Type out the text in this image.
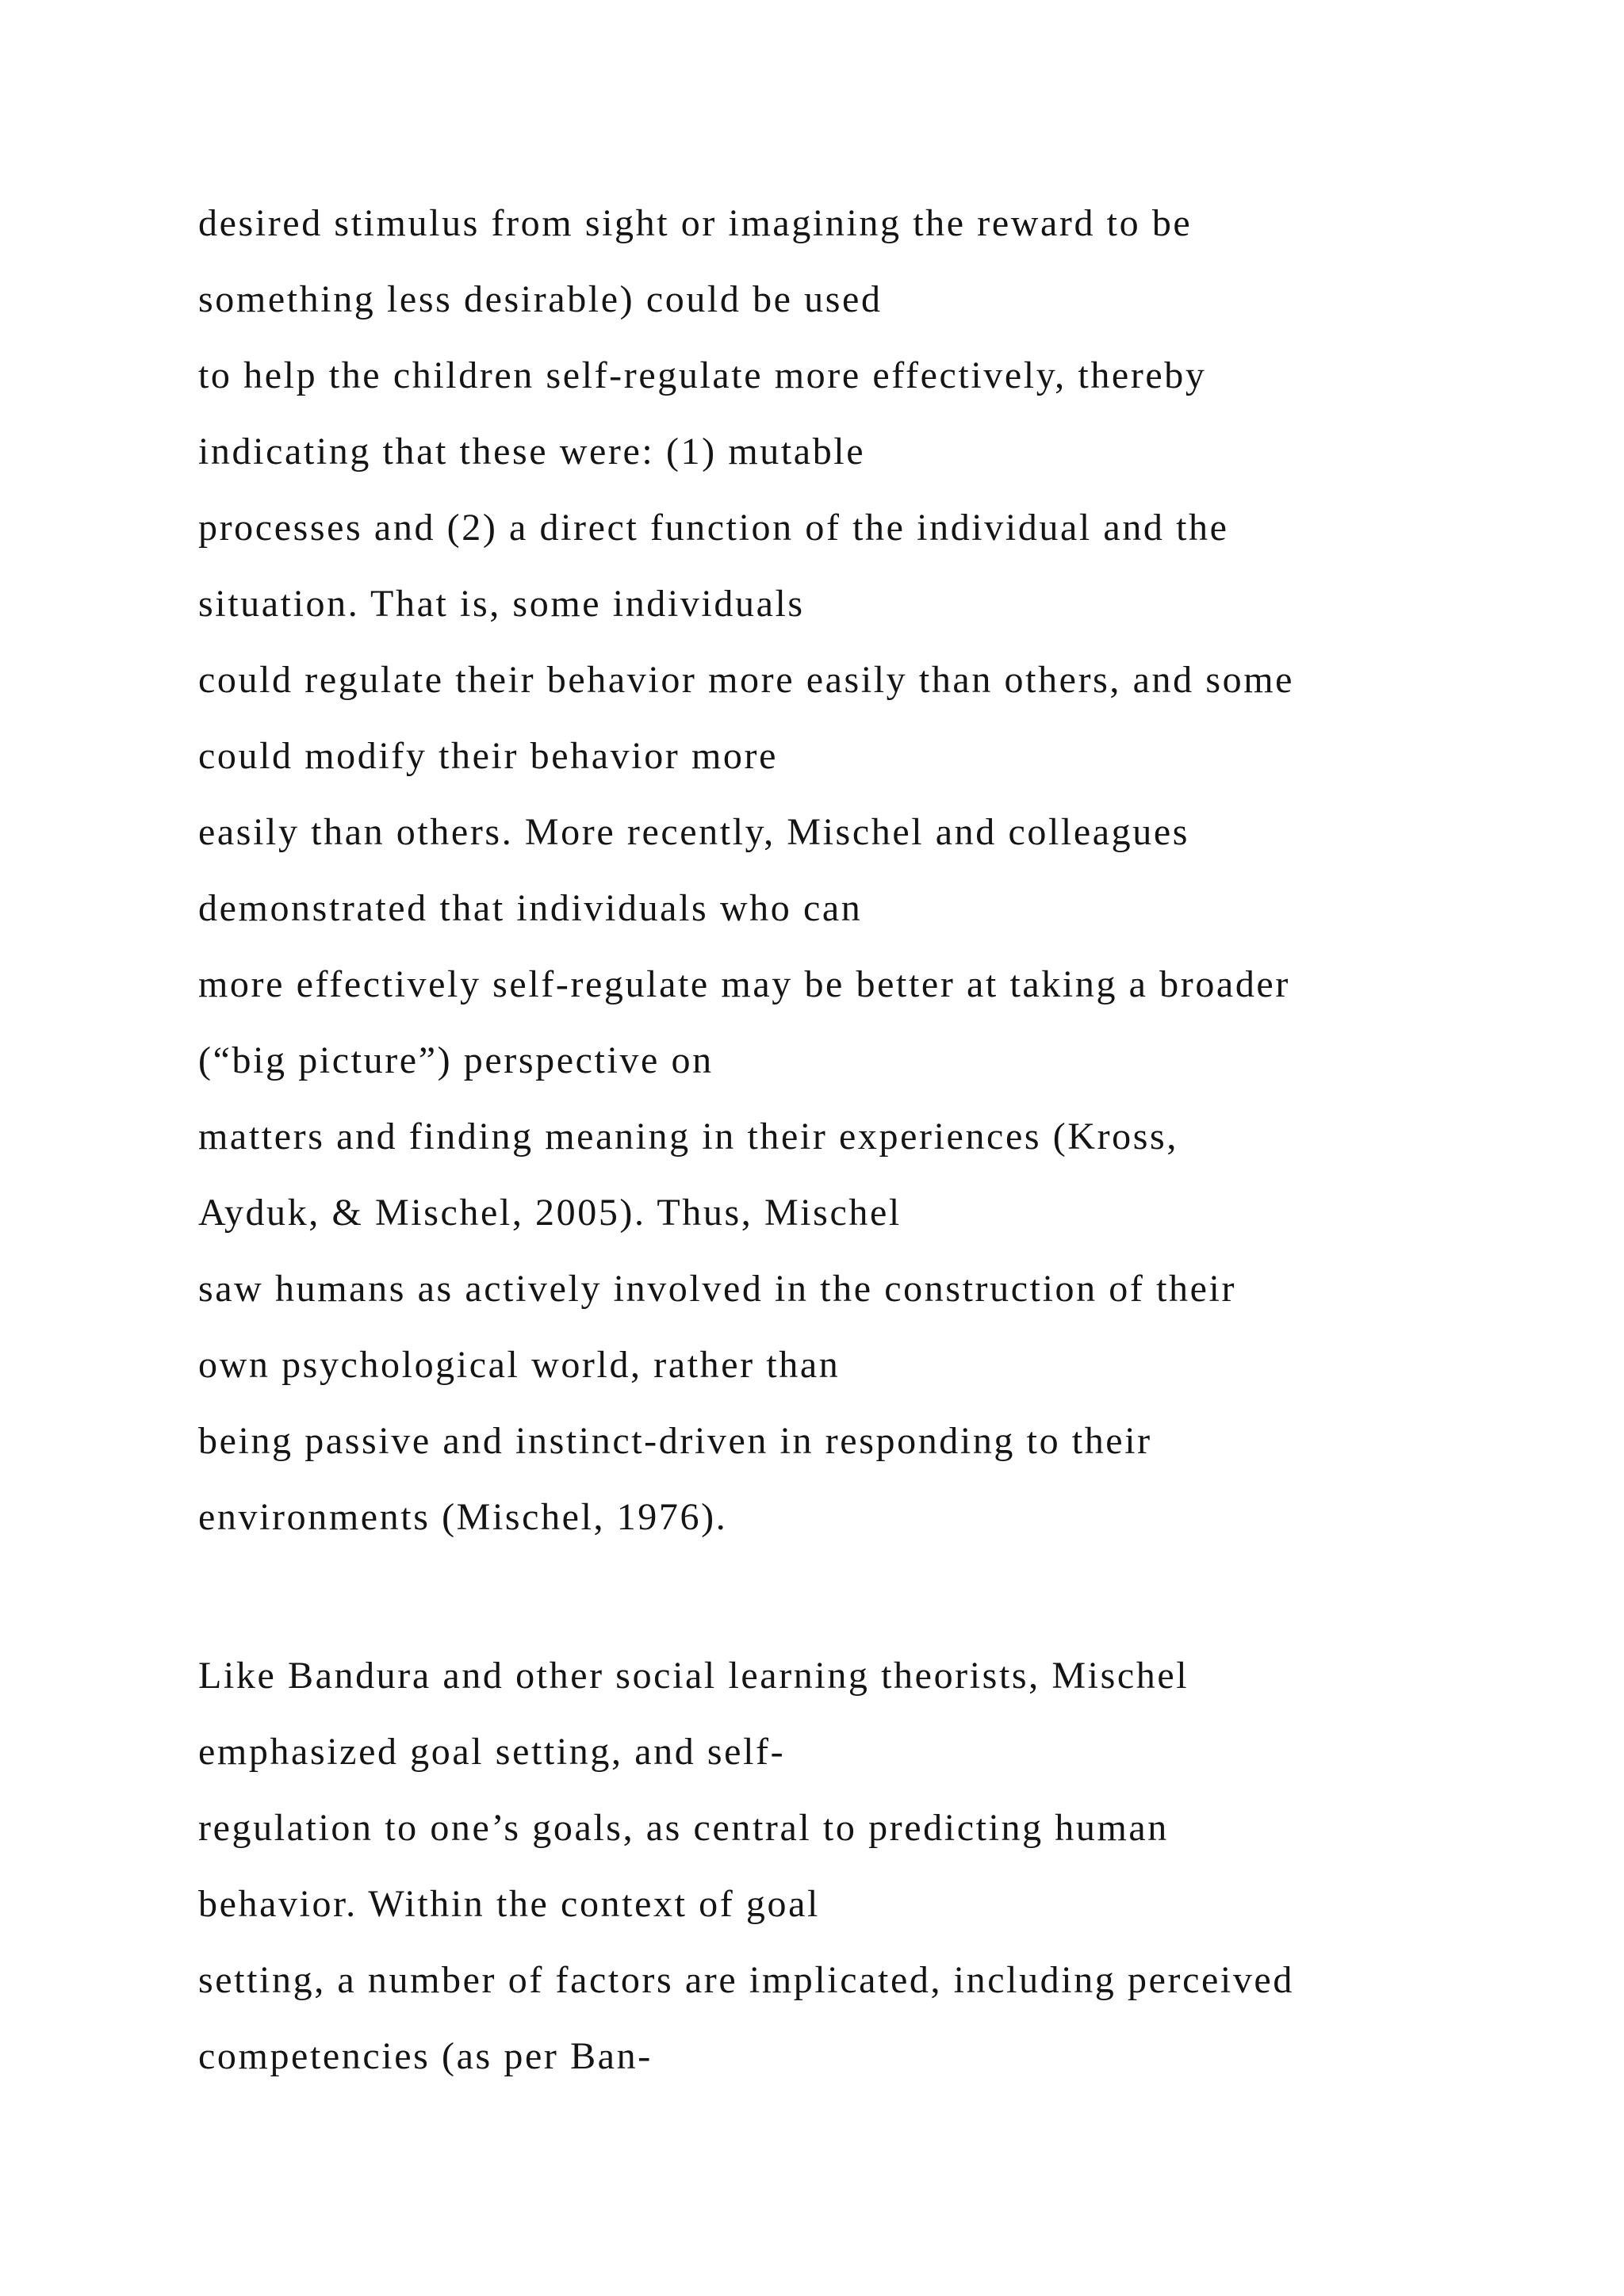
desired stimulus from sight or imagining the reward to be
something less desirable) could be used
to help the children self-regulate more effectively, thereby
indicating that these were: (1) mutable
processes and (2) a direct function of the individual and the
situation. That is, some individuals
could regulate their behavior more easily than others, and some
could modify their behavior more
easily than others. More recently, Mischel and colleagues
demonstrated that individuals who can
more effectively self-regulate may be better at taking a broader
(“big picture”) perspective on
matters and finding meaning in their experiences (Kross,
Ayduk, & Mischel, 2005). Thus, Mischel
saw humans as actively involved in the construction of their
own psychological world, rather than
being passive and instinct-driven in responding to their
environments (Mischel, 1976).
Like Bandura and other social learning theorists, Mischel
emphasized goal setting, and self-
regulation to one’s goals, as central to predicting human
behavior. Within the context of goal
setting, a number of factors are implicated, including perceived
competencies (as per Ban-
